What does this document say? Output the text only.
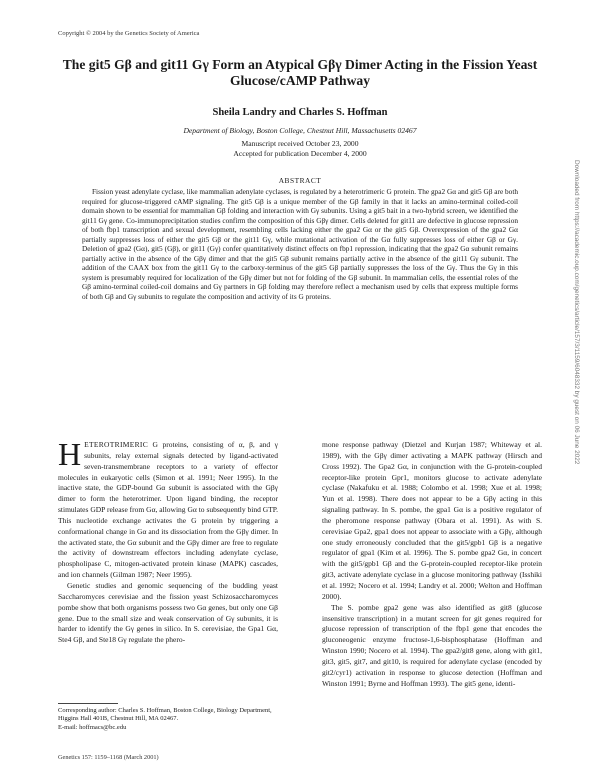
Copyright © 2004 by the Genetics Society of America
The git5 Gβ and git11 Gγ Form an Atypical Gβγ Dimer Acting in the Fission Yeast Glucose/cAMP Pathway
Sheila Landry and Charles S. Hoffman
Department of Biology, Boston College, Chestnut Hill, Massachusetts 02467
Manuscript received October 23, 2000
Accepted for publication December 4, 2000
ABSTRACT

Fission yeast adenylate cyclase, like mammalian adenylate cyclases, is regulated by a heterotrimeric G protein. The gpa2 Gα and git5 Gβ are both required for glucose-triggered cAMP signaling. The git5 Gβ is a unique member of the Gβ family in that it lacks an amino-terminal coiled-coil domain shown to be essential for mammalian Gβ folding and interaction with Gγ subunits. Using a git5 bait in a two-hybrid screen, we identified the git11 Gγ gene. Co-immunoprecipitation studies confirm the composition of this Gβγ dimer. Cells deleted for git11 are defective in glucose repression of both fbp1 transcription and sexual development, resembling cells lacking either the gpa2 Gα or the git5 Gβ. Overexpression of the gpa2 Gα partially suppresses loss of either the git5 Gβ or the git11 Gγ, while mutational activation of the Gα fully suppresses loss of either Gβ or Gγ. Deletion of gpa2 (Gα), git5 (Gβ), or git11 (Gγ) confer quantitatively distinct effects on fbp1 repression, indicating that the gpa2 Gα subunit remains partially active in the absence of the Gβγ dimer and that the git5 Gβ subunit remains partially active in the absence of the git11 Gγ subunit. The addition of the CAAX box from the git11 Gγ to the carboxy-terminus of the git5 Gβ partially suppresses the loss of the Gγ. Thus the Gγ in this system is presumably required for localization of the Gβγ dimer but not for folding of the Gβ subunit. In mammalian cells, the essential roles of the Gβ amino-terminal coiled-coil domains and Gγ partners in Gβ folding may therefore reflect a mechanism used by cells that express multiple forms of both Gβ and Gγ subunits to regulate the composition and activity of its G proteins.

HETEROTRIMERIC G proteins, consisting of α, β, and γ subunits, relay external signals detected by ligand-activated seven-transmembrane receptors to a variety of effector molecules in eukaryotic cells (Simon et al. 1991; Neer 1995). In the inactive state, the GDP-bound Gα subunit is associated with the Gβγ dimer to form the heterotrimer. Upon ligand binding, the receptor stimulates GDP release from Gα, allowing Gα to subsequently bind GTP. This nucleotide exchange activates the G protein by triggering a conformational change in Gα and its dissociation from the Gβγ dimer. In the activated state, the Gα subunit and the Gβγ dimer are free to regulate the activity of downstream effectors including adenylate cyclase, phospholipase C, mitogen-activated protein kinase (MAPK) cascades, and ion channels (Gilman 1987; Neer 1995).

Genetic studies and genomic sequencing of the budding yeast Saccharomyces cerevisiae and the fission yeast Schizosaccharomyces pombe show that both organisms possess two Gα genes, but only one Gβ gene. Due to the small size and weak conservation of Gγ subunits, it is harder to identify the Gγ genes in silico. In S. cerevisiae, the Gpa1 Gα, Ste4 Gβ, and Ste18 Gγ regulate the phero-

mone response pathway (Dietzel and Kurjan 1987; Whiteway et al. 1989), with the Gβγ dimer activating a MAPK pathway (Hirsch and Cross 1992). The Gpa2 Gα, in conjunction with the G-protein-coupled receptor-like protein Gpr1, monitors glucose to activate adenylate cyclase (Nakafuku et al. 1988; Colombo et al. 1998; Xue et al. 1998; Yun et al. 1998). There does not appear to be a Gβγ acting in this signaling pathway. In S. pombe, the gpa1 Gα is a positive regulator of the pheromone response pathway (Obara et al. 1991). As with S. cerevisiae Gpa2, gpa1 does not appear to associate with a Gβγ, although one study erroneously concluded that the git5/gpb1 Gβ is a negative regulator of gpa1 (Kim et al. 1996). The S. pombe gpa2 Gα, in concert with the git5/gpb1 Gβ and the G-protein-coupled receptor-like protein git3, activate adenylate cyclase in a glucose monitoring pathway (Isshiki et al. 1992; Nocero et al. 1994; Landry et al. 2000; Welton and Hoffman 2000).

The S. pombe gpa2 gene was also identified as git8 (glucose insensitive transcription) in a mutant screen for git genes required for glucose repression of transcription of the fbp1 gene that encodes the gluconeogenic enzyme fructose-1,6-bisphosphatase (Hoffman and Winston 1990; Nocero et al. 1994). The gpa2/git8 gene, along with git1, git3, git5, git7, and git10, is required for adenylate cyclase (encoded by git2/cyr1) activation in response to glucose detection (Hoffman and Winston 1991; Byrne and Hoffman 1993). The git5 gene, identi-

Corresponding author: Charles S. Hoffman, Boston College, Biology Department, Higgins Hall 401B, Chestnut Hill, MA 02467.
E-mail: hoffmacs@bc.edu

Genetics 157: 1159–1168 (March 2001)
Downloaded from https://academic.oup.com/genetics/article/157/3/1159/6048332 by guest on 06 June 2022
